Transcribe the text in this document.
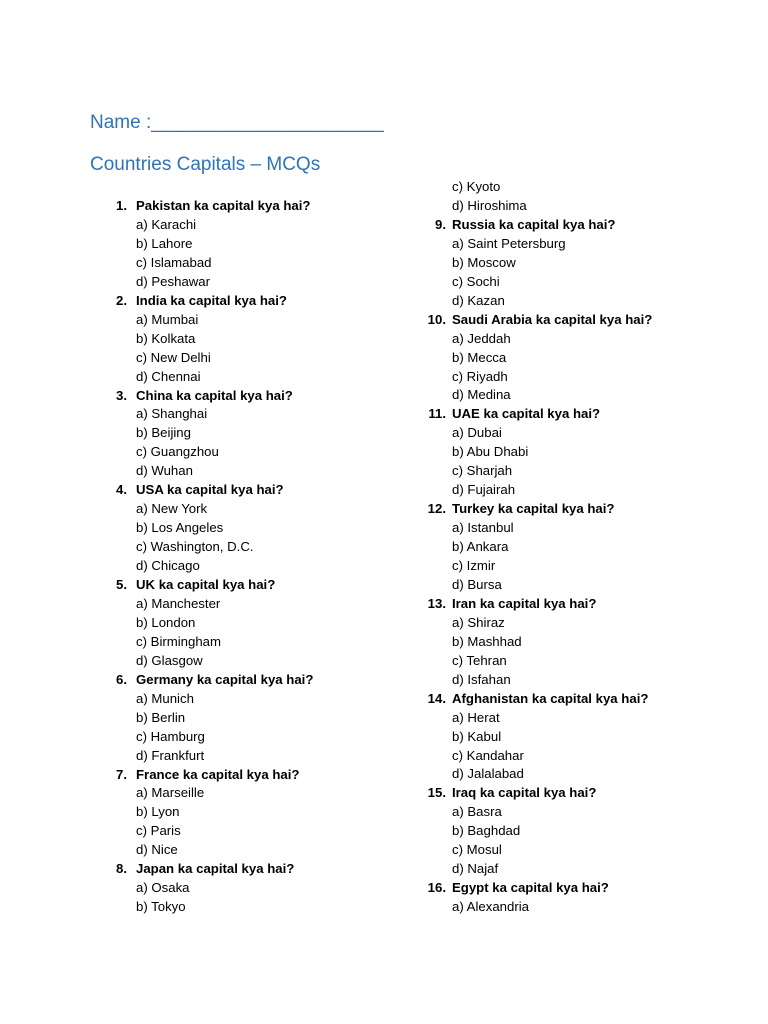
Name :______________________
Countries Capitals – MCQs
1. Pakistan ka capital kya hai?
a) Karachi
b) Lahore
c) Islamabad
d) Peshawar
2. India ka capital kya hai?
a) Mumbai
b) Kolkata
c) New Delhi
d) Chennai
3. China ka capital kya hai?
a) Shanghai
b) Beijing
c) Guangzhou
d) Wuhan
4. USA ka capital kya hai?
a) New York
b) Los Angeles
c) Washington, D.C.
d) Chicago
5. UK ka capital kya hai?
a) Manchester
b) London
c) Birmingham
d) Glasgow
6. Germany ka capital kya hai?
a) Munich
b) Berlin
c) Hamburg
d) Frankfurt
7. France ka capital kya hai?
a) Marseille
b) Lyon
c) Paris
d) Nice
8. Japan ka capital kya hai?
a) Osaka
b) Tokyo
c) Kyoto
d) Hiroshima
9. Russia ka capital kya hai?
a) Saint Petersburg
b) Moscow
c) Sochi
d) Kazan
10. Saudi Arabia ka capital kya hai?
a) Jeddah
b) Mecca
c) Riyadh
d) Medina
11. UAE ka capital kya hai?
a) Dubai
b) Abu Dhabi
c) Sharjah
d) Fujairah
12. Turkey ka capital kya hai?
a) Istanbul
b) Ankara
c) Izmir
d) Bursa
13. Iran ka capital kya hai?
a) Shiraz
b) Mashhad
c) Tehran
d) Isfahan
14. Afghanistan ka capital kya hai?
a) Herat
b) Kabul
c) Kandahar
d) Jalalabad
15. Iraq ka capital kya hai?
a) Basra
b) Baghdad
c) Mosul
d) Najaf
16. Egypt ka capital kya hai?
a) Alexandria
